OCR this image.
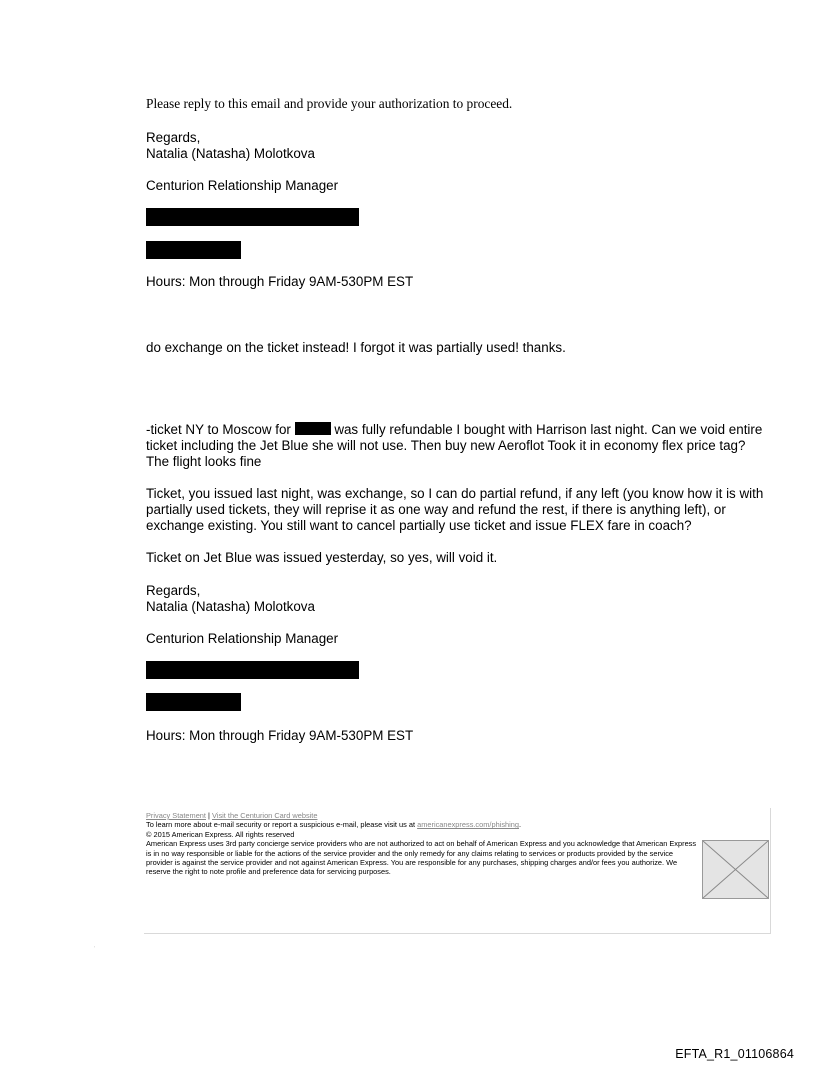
Please reply to this email and provide your authorization to proceed.
Regards,
Natalia (Natasha) Molotkova
Centurion Relationship Manager
Hours: Mon through Friday 9AM-530PM EST
do exchange on the ticket instead! I forgot it was partially used! thanks.
-ticket NY to Moscow for	was fully refundable I bought with Harrison last night. Can we void entire ticket including the Jet Blue she will not use. Then buy new Aeroflot Took it in economy flex price tag? The flight looks fine
Ticket, you issued last night, was exchange, so I can do partial refund, if any left (you know how it is with partially used tickets, they will reprise it as one way and refund the rest, if there is anything left), or exchange existing. You still want to cancel partially use ticket and issue FLEX fare in coach?
Ticket on Jet Blue was issued yesterday, so yes, will void it.
Regards,
Natalia (Natasha) Molotkova
Centurion Relationship Manager
Hours: Mon through Friday 9AM-530PM EST
Privacy Statement | Visit the Centurion Card website
To learn more about e-mail security or report a suspicious e-mail, please visit us at americanexpress.com/phishing.
© 2015 American Express. All rights reserved
American Express uses 3rd party concierge service providers who are not authorized to act on behalf of American Express and you acknowledge that American Express is in no way responsible or liable for the actions of the service provider and the only remedy for any claims relating to services or products provided by the service provider is against the service provider and not against American Express. You are responsible for any purchases, shipping charges and/or fees you authorize. We reserve the right to note profile and preference data for servicing purposes.
'
EFTA_R1_01106864
